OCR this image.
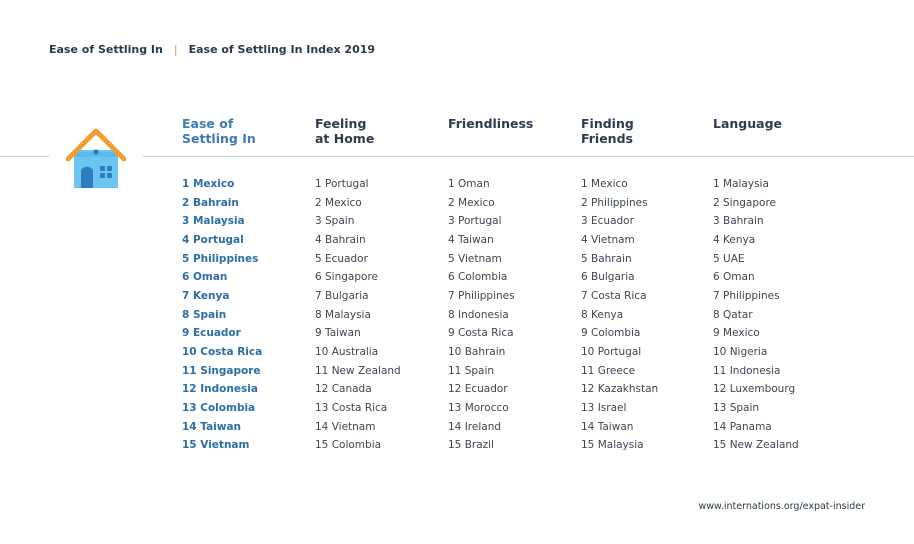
Ease of Settling In | Ease of Settling In Index 2019
Ease of
Settling In
1 Mexico
2 Bahrain
3 Malaysia
4 Portugal
5 Philippines
6 Oman
7 Kenya
8 Spain
9 Ecuador
10 Costa Rica
11 Singapore
12 Indonesia
13 Colombia
14 Taiwan
15 Vietnam
Feeling
at Home
1 Portugal
2 Mexico
3 Spain
4 Bahrain
5 Ecuador
6 Singapore
7 Bulgaria
8 Malaysia
9 Taiwan
10 Australia
11 New Zealand
12 Canada
13 Costa Rica
14 Vietnam
15 Colombia
Friendliness
1 Oman
2 Mexico
3 Portugal
4 Taiwan
5 Vietnam
6 Colombia
7 Philippines
8 Indonesia
9 Costa Rica
10 Bahrain
11 Spain
12 Ecuador
13 Morocco
14 Ireland
15 Brazil
Finding
Friends
1 Mexico
2 Philippines
3 Ecuador
4 Vietnam
5 Bahrain
6 Bulgaria
7 Costa Rica
8 Kenya
9 Colombia
10 Portugal
11 Greece
12 Kazakhstan
13 Israel
14 Taiwan
15 Malaysia
Language
1 Malaysia
2 Singapore
3 Bahrain
4 Kenya
5 UAE
6 Oman
7 Philippines
8 Qatar
9 Mexico
10 Nigeria
11 Indonesia
12 Luxembourg
13 Spain
14 Panama
15 New Zealand
www.internations.org/expat-insider
